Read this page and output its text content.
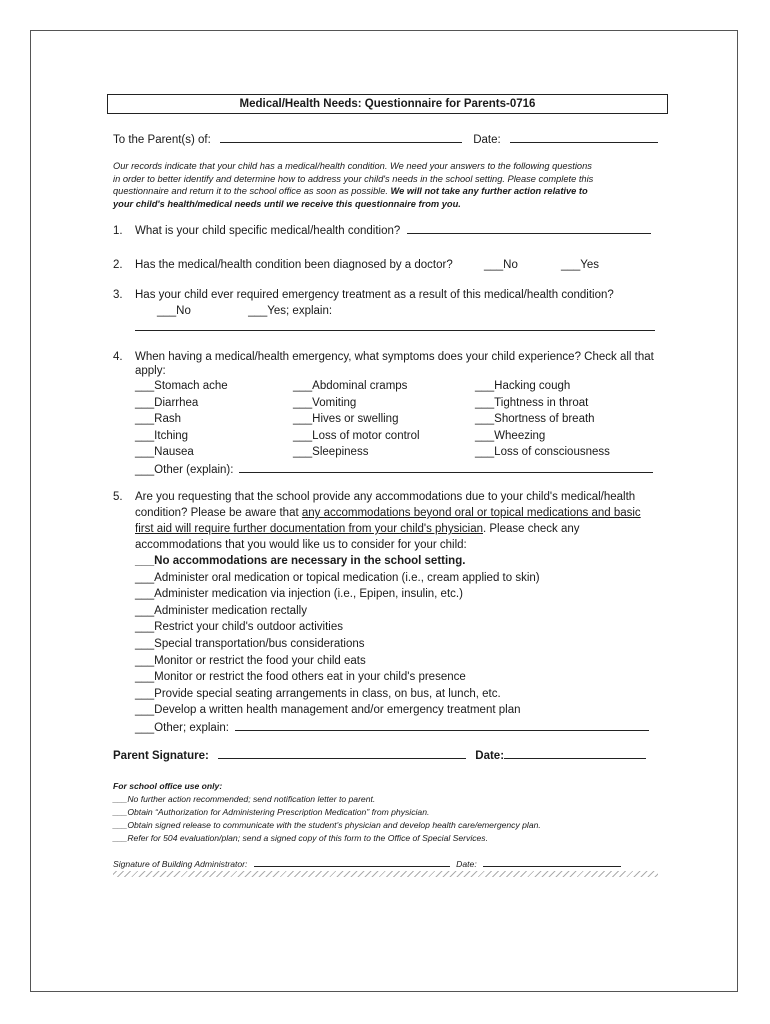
Medical/Health Needs: Questionnaire for Parents-0716
To the Parent(s) of:	Date:
Our records indicate that your child has a medical/health condition. We need your answers to the following questions
in order to better identify and determine how to address your child's needs in the school setting. Please complete this
questionnaire and return it to the school office as soon as possible. We will not take any further action relative to
your child's health/medical needs until we receive this questionnaire from you.
1. What is your child specific medical/health condition?
2. Has the medical/health condition been diagnosed by a doctor?	___No	___Yes
3. Has your child ever required emergency treatment as a result of this medical/health condition?
___No	___Yes; explain:
4. When having a medical/health emergency, what symptoms does your child experience? Check all that
apply:
___Stomach ache	___Abdominal cramps	___Hacking cough
___Diarrhea	___Vomiting	___Tightness in throat
___Rash	___Hives or swelling	___Shortness of breath
___Itching	___Loss of motor control	___Wheezing
___Nausea	___Sleepiness	___Loss of consciousness
___Other (explain):
5. Are you requesting that the school provide any accommodations due to your child's medical/health
condition? Please be aware that any accommodations beyond oral or topical medications and basic
first aid will require further documentation from your child's physician. Please check any
accommodations that you would like us to consider for your child:
___No accommodations are necessary in the school setting.
___Administer oral medication or topical medication (i.e., cream applied to skin)
___Administer medication via injection (i.e., Epipen, insulin, etc.)
___Administer medication rectally
___Restrict your child's outdoor activities
___Special transportation/bus considerations
___Monitor or restrict the food your child eats
___Monitor or restrict the food others eat in your child's presence
___Provide special seating arrangements in class, on bus, at lunch, etc.
___Develop a written health management and/or emergency treatment plan
___Other; explain:
Parent Signature:	Date:
For school office use only:
___No further action recommended; send notification letter to parent.
___Obtain “Authorization for Administering Prescription Medication” from physician.
___Obtain signed release to communicate with the student's physician and develop health care/emergency plan.
___Refer for 504 evaluation/plan; send a signed copy of this form to the Office of Special Services.
Signature of Building Administrator:	Date:
